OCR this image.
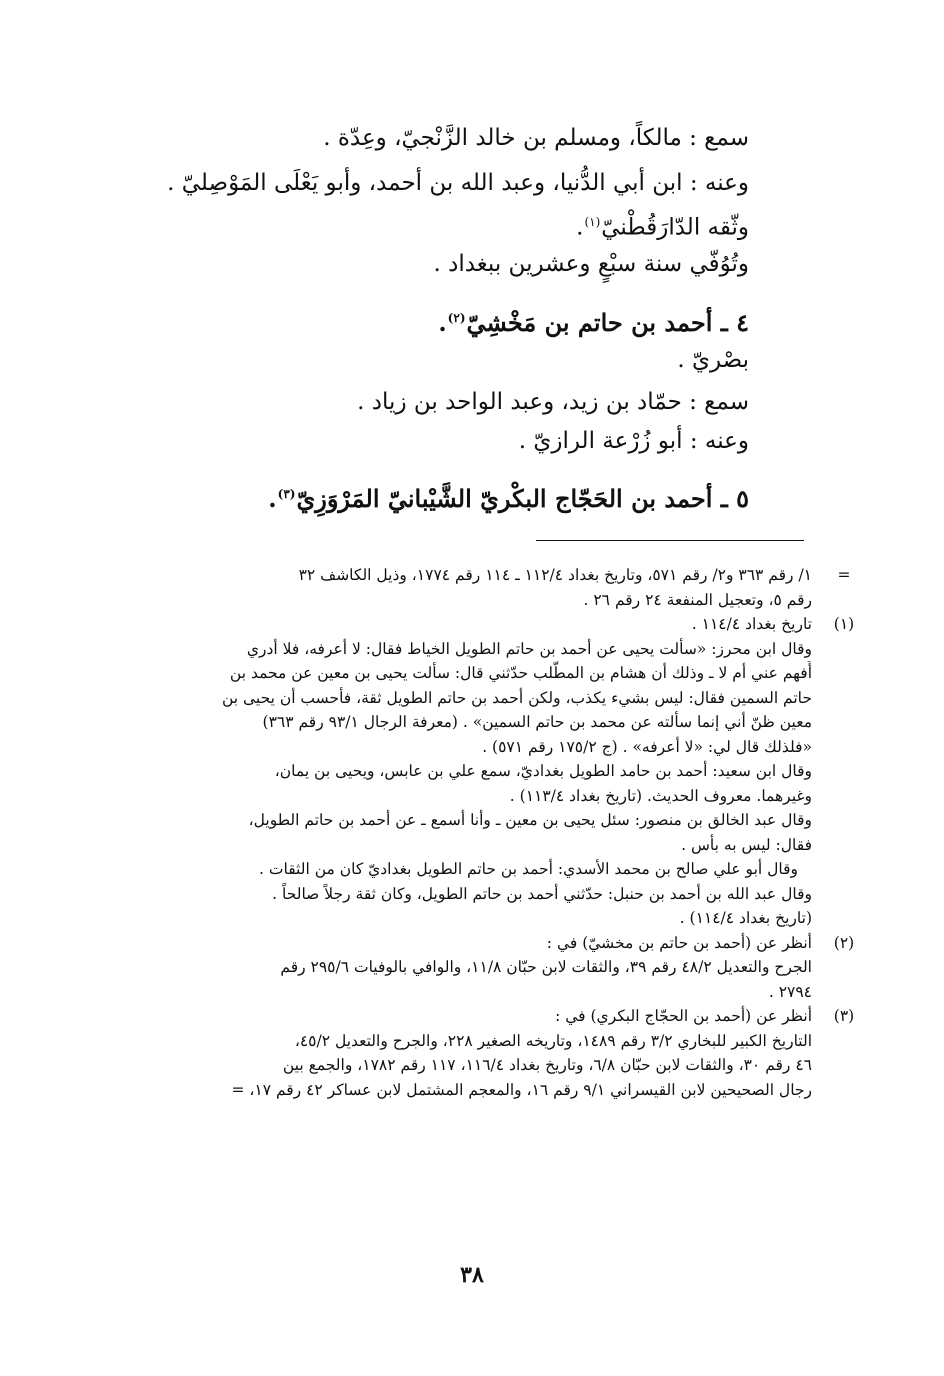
سمع : مالكاً، ومسلم بن خالد الزَّنْجيّ، وعِدّة .
وعنه : ابن أبي الدُّنيا، وعبد الله بن أحمد، وأبو يَعْلَى المَوْصِليّ .
وثّقه الدّارَقُطْنيّ$^{(١)}$.
وتُوُفّي سنة سبْعٍ وعشرين ببغداد .
٤ ـ أحمد بن حاتم بن مَخْشِيّ$^{(٢)}$.
بصْريّ .
سمع : حمّاد بن زيد، وعبد الواحد بن زياد .
وعنه : أبو زُرْعة الرازيّ .
٥ ـ أحمد بن الحَجّاج البكْريّ الشَّيْبانيّ المَرْوَزِيّ$^{(٣)}$.
=
١/ رقم ٣٦٣ و٢/ رقم ٥٧١، وتاريخ بغداد ١١٢/٤ ـ ١١٤ رقم ١٧٧٤، وذيل الكاشف ٣٢
رقم ٥، وتعجيل المنفعة ٢٤ رقم ٢٦ .
(١)
تاريخ بغداد ١١٤/٤ .
وقال ابن محرز: «سألت يحيى عن أحمد بن حاتم الطويل الخياط فقال: لا أعرفه، فلا أدري
أَفهم عني أم لا ـ وذلك أن هشام بن المطّلب حدّثني قال: سألت يحيى بن معين عن محمد بن
حاتم السمين فقال: ليس بشيء يكذب، ولكن أحمد بن حاتم الطويل ثقة، فأحسب أن يحيى بن
معين ظنّ أني إنما سألته عن محمد بن حاتم السمين» . (معرفة الرجال ٩٣/١ رقم ٣٦٣)
«فلذلك قال لي: «لا أعرفه» . (ج ١٧٥/٢ رقم ٥٧١) .
وقال ابن سعيد: أحمد بن حامد الطويل بغداديّ، سمع علي بن عابس، ويحيى بن يمان،
وغيرهما. معروف الحديث. (تاريخ بغداد ١١٣/٤) .
وقال عبد الخالق بن منصور: سئل يحيى بن معين ـ وأنا أسمع ـ عن أحمد بن حاتم الطويل،
فقال: ليس به بأس .
وقال أبو علي صالح بن محمد الأسدي: أحمد بن حاتم الطويل بغداديّ كان من الثقات .
وقال عبد الله بن أحمد بن حنبل: حدّثني أحمد بن حاتم الطويل، وكان ثقة رجلاً صالحاً .
(تاريخ بغداد ١١٤/٤) .
(٢)
أنظر عن (أحمد بن حاتم بن مخشيّ) في :
الجرح والتعديل ٤٨/٢ رقم ٣٩، والثقات لابن حبّان ١١/٨، والوافي بالوفيات ٢٩٥/٦ رقم
٢٧٩٤ .
(٣)
أنظر عن (أحمد بن الحجّاج البكري) في :
التاريخ الكبير للبخاري ٣/٢ رقم ١٤٨٩، وتاريخه الصغير ٢٢٨، والجرح والتعديل ٤٥/٢،
٤٦ رقم ٣٠، والثقات لابن حبّان ٦/٨، وتاريخ بغداد ١١٦/٤، ١١٧ رقم ١٧٨٢، والجمع بين
رجال الصحيحين لابن القيسراني ٩/١ رقم ١٦، والمعجم المشتمل لابن عساكر ٤٢ رقم ١٧، =
٣٨
